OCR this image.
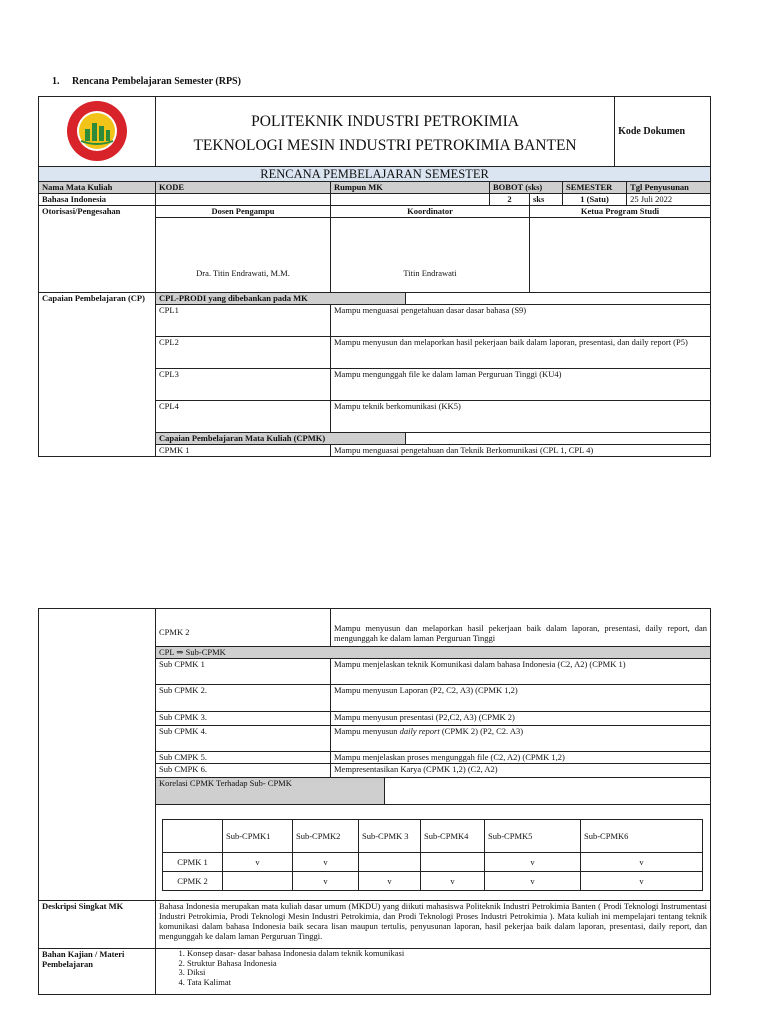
1. Rencana Pembelajaran Semester (RPS)

POLITEKNIK INDUSTRI PETROKIMIA
TEKNOLOGI MESIN INDUSTRI PETROKIMIA BANTEN						Kode Dokumen	
RENCANA PEMBELAJARAN SEMESTER								
Nama Mata Kuliah	KODE	Rumpun MK		BOBOT (sks)		SEMESTER		Tgl Penyusunan
Bahasa Indonesia				2	sks	1 (Satu)		25 Juli 2022
Otorisasi/Pengesahan	Dosen Pengampu	Koordinator			Ketua Program Studi			
	Dra. Titin Endrawati, M.M.	Titin Endrawati						
Capaian Pembelajaran (CP)	CPL-PRODI yang dibebankan pada MK							
	CPL1	Mampu menguasai pengetahuan dasar dasar bahasa (S9)						
	CPL2	Mampu menyusun dan melaporkan hasil pekerjaan baik dalam laporan, presentasi, dan daily report (P5)						
	CPL3	Mampu mengunggah file ke dalam laman Perguruan Tinggi (KU4)						
	CPL4	Mampu teknik berkomunikasi (KK5)						
	Capaian Pembelajaran Mata Kuliah (CPMK)							
	CPMK 1	Mampu menguasai pengetahuan dan Teknik Berkomunikasi (CPL 1, CPL 4)						
	CPMK 2	Mampu menyusun dan melaporkan hasil pekerjaan baik dalam laporan, presentasi, daily report, dan mengunggah ke dalam laman Perguruan Tinggi
CPL ⇒ Sub-CPMK
Sub CPMK 1	Mampu menjelaskan teknik Komunikasi dalam bahasa Indonesia (C2, A2) (CPMK 1)
Sub CPMK 2.	Mampu menyusun Laporan (P2, C2, A3) (CPMK 1,2)
Sub CPMK 3.	Mampu menyusun presentasi (P2,C2, A3) (CPMK 2)
Sub CPMK 4.	Mampu menyusun daily report (CPMK 2) (P2, C2. A3)
Sub CMPK 5.	Mampu menjelaskan proses mengunggah file (C2, A2) (CPMK 1,2)
Sub CMPK 6.	Mempresentasikan Karya (CPMK 1,2) (C2, A2)

Korelasi CPMK Terhadap Sub- CPMK	

	Sub-CPMK1	Sub-CPMK2	Sub-CPMK 3	Sub-CPMK4	Sub-CPMK5	Sub-CPMK6
CPMK 1	v	v			v	v
CPMK 2		v	v	v	v	v

Deskripsi Singkat MK	Bahasa Indonesia merupakan mata kuliah dasar umum (MKDU) yang diikuti mahasiswa Politeknik Industri Petrokimia Banten ( Prodi Teknologi Instrumentasi Industri Petrokimia, Prodi Teknologi Mesin Industri Petrokimia, dan Prodi Teknologi Proses Industri Petrokimia ). Mata kuliah ini mempelajari tentang teknik komunikasi dalam bahasa Indonesia baik secara lisan maupun tertulis, penyusunan laporan, hasil pekerjaa baik dalam laporan, presentasi, daily report, dan mengunggah ke dalam laman Perguruan Tinggi.
Bahan Kajian / Materi Pembelajaran	
1. Konsep dasar- dasar bahasa Indonesia dalam teknik komunikasi
2. Struktur Bahasa Indonesia
3. Diksi
4. Tata Kalimat
